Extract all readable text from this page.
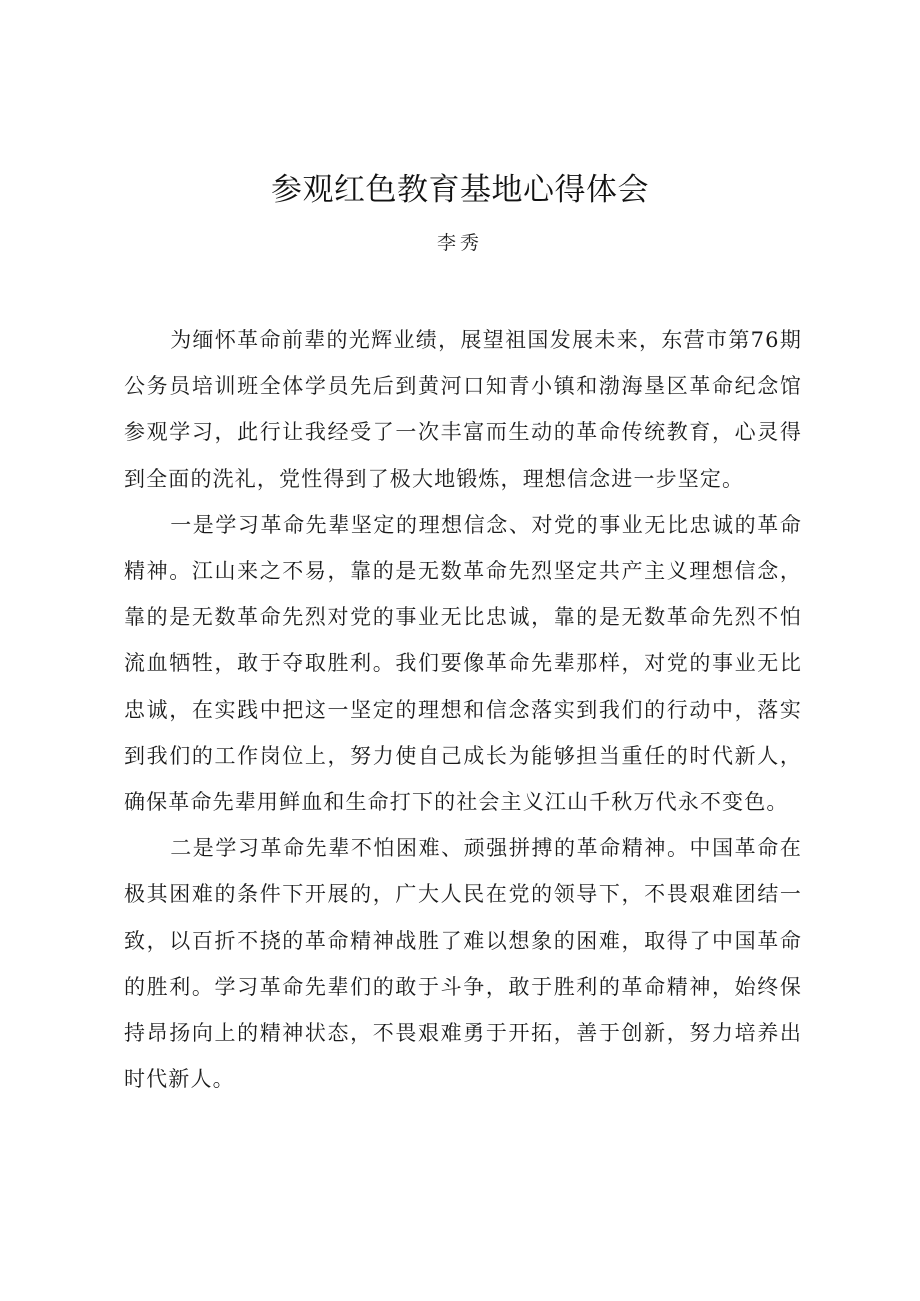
参观红色教育基地心得体会
李秀

为缅怀革命前辈的光辉业绩，展望祖国发展未来，东营市第76期公务员培训班全体学员先后到黄河口知青小镇和渤海垦区革命纪念馆参观学习，此行让我经受了一次丰富而生动的革命传统教育，心灵得到全面的洗礼，党性得到了极大地锻炼，理想信念进一步坚定。

一是学习革命先辈坚定的理想信念、对党的事业无比忠诚的革命精神。江山来之不易，靠的是无数革命先烈坚定共产主义理想信念，靠的是无数革命先烈对党的事业无比忠诚，靠的是无数革命先烈不怕流血牺牲，敢于夺取胜利。我们要像革命先辈那样，对党的事业无比忠诚，在实践中把这一坚定的理想和信念落实到我们的行动中，落实到我们的工作岗位上，努力使自己成长为能够担当重任的时代新人，确保革命先辈用鲜血和生命打下的社会主义江山千秋万代永不变色。

二是学习革命先辈不怕困难、顽强拼搏的革命精神。中国革命在极其困难的条件下开展的，广大人民在党的领导下，不畏艰难团结一致，以百折不挠的革命精神战胜了难以想象的困难，取得了中国革命的胜利。学习革命先辈们的敢于斗争，敢于胜利的革命精神，始终保持昂扬向上的精神状态，不畏艰难勇于开拓，善于创新，努力培养出时代新人。
